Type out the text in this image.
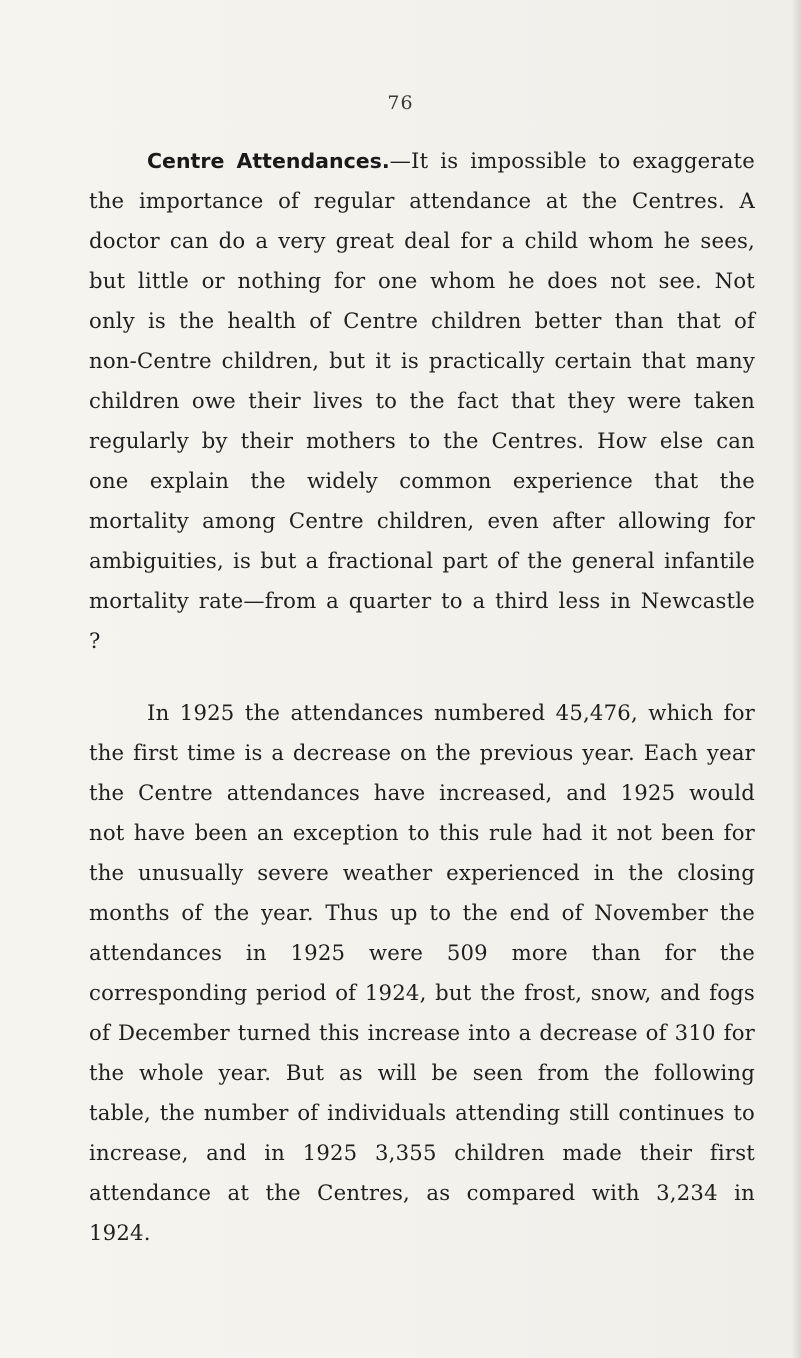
76

Centre Attendances.—It is impossible to exaggerate the importance of regular attendance at the Centres. A doctor can do a very great deal for a child whom he sees, but little or nothing for one whom he does not see. Not only is the health of Centre children better than that of non-Centre children, but it is practically certain that many children owe their lives to the fact that they were taken regularly by their mothers to the Centres. How else can one explain the widely common experience that the mortality among Centre children, even after allowing for ambiguities, is but a fractional part of the general infantile mortality rate—from a quarter to a third less in Newcastle ?

In 1925 the attendances numbered 45,476, which for the first time is a decrease on the previous year. Each year the Centre attendances have increased, and 1925 would not have been an exception to this rule had it not been for the unusually severe weather experienced in the closing months of the year. Thus up to the end of November the attendances in 1925 were 509 more than for the corresponding period of 1924, but the frost, snow, and fogs of December turned this increase into a decrease of 310 for the whole year. But as will be seen from the following table, the number of individuals attending still continues to increase, and in 1925 3,355 children made their first attendance at the Centres, as compared with 3,234 in 1924.
